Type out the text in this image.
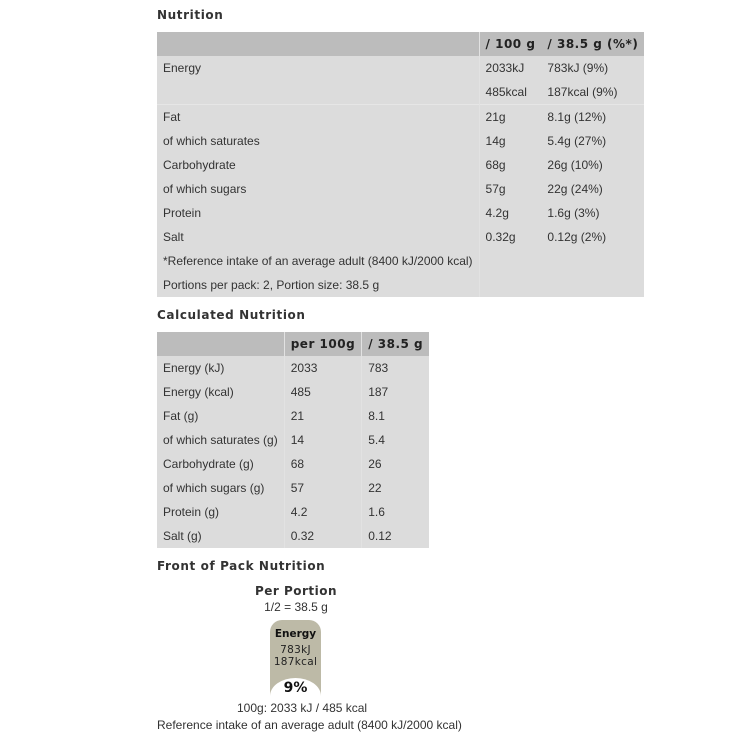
Nutrition
	/ 100 g	/ 38.5 g (%*)
Energy	2033kJ	783kJ (9%)
	485kcal	187kcal (9%)
Fat	21g	8.1g (12%)
of which saturates	14g	5.4g (27%)
Carbohydrate	68g	26g (10%)
of which sugars	57g	22g (24%)
Protein	4.2g	1.6g (3%)
Salt	0.32g	0.12g (2%)
*Reference intake of an average adult (8400 kJ/2000 kcal)		
Portions per pack: 2, Portion size: 38.5 g		
Calculated Nutrition
	per 100g	/ 38.5 g
Energy (kJ)	2033	783
Energy (kcal)	485	187
Fat (g)	21	8.1
of which saturates (g)	14	5.4
Carbohydrate (g)	68	26
of which sugars (g)	57	22
Protein (g)	4.2	1.6
Salt (g)	0.32	0.12
Front of Pack Nutrition
Per Portion
1/2 = 38.5 g
Energy
783kJ
187kcal
9%
100g: 2033 kJ / 485 kcal
Reference intake of an average adult (8400 kJ/2000 kcal)
